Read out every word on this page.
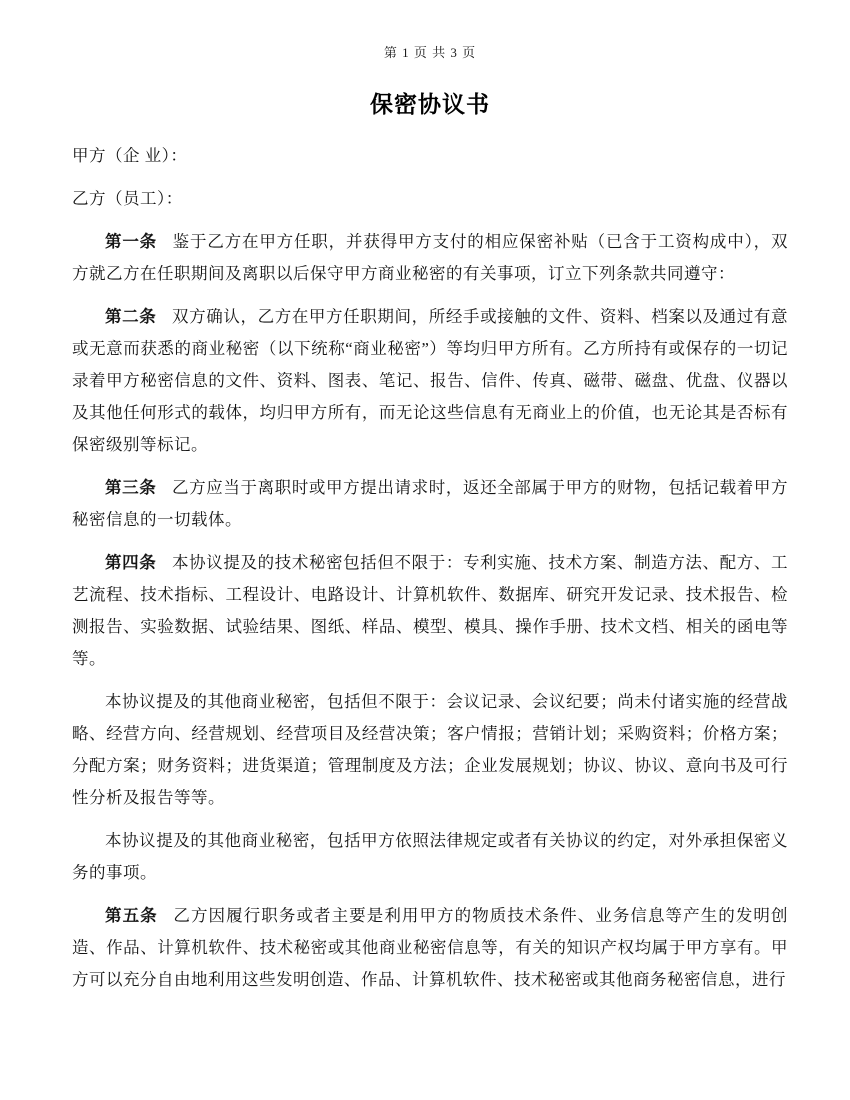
第 1 页 共 3 页
保密协议书

甲方（企 业）：

乙方（员工）：

第一条 鉴于乙方在甲方任职，并获得甲方支付的相应保密补贴（已含于工资构成中），双方就乙方在任职期间及离职以后保守甲方商业秘密的有关事项，订立下列条款共同遵守：

第二条 双方确认，乙方在甲方任职期间，所经手或接触的文件、资料、档案以及通过有意或无意而获悉的商业秘密（以下统称“商业秘密”）等均归甲方所有。乙方所持有或保存的一切记录着甲方秘密信息的文件、资料、图表、笔记、报告、信件、传真、磁带、磁盘、优盘、仪器以及其他任何形式的载体，均归甲方所有，而无论这些信息有无商业上的价值，也无论其是否标有保密级别等标记。

第三条 乙方应当于离职时或甲方提出请求时，返还全部属于甲方的财物，包括记载着甲方秘密信息的一切载体。

第四条 本协议提及的技术秘密包括但不限于：专利实施、技术方案、制造方法、配方、工艺流程、技术指标、工程设计、电路设计、计算机软件、数据库、研究开发记录、技术报告、检测报告、实验数据、试验结果、图纸、样品、模型、模具、操作手册、技术文档、相关的函电等等。

本协议提及的其他商业秘密，包括但不限于：会议记录、会议纪要；尚未付诸实施的经营战略、经营方向、经营规划、经营项目及经营决策；客户情报；营销计划；采购资料；价格方案；分配方案；财务资料；进货渠道；管理制度及方法；企业发展规划；协议、协议、意向书及可行性分析及报告等等。

本协议提及的其他商业秘密，包括甲方依照法律规定或者有关协议的约定，对外承担保密义务的事项。

第五条 乙方因履行职务或者主要是利用甲方的物质技术条件、业务信息等产生的发明创造、作品、计算机软件、技术秘密或其他商业秘密信息等，有关的知识产权均属于甲方享有。甲方可以充分自由地利用这些发明创造、作品、计算机软件、技术秘密或其他商务秘密信息，进行
